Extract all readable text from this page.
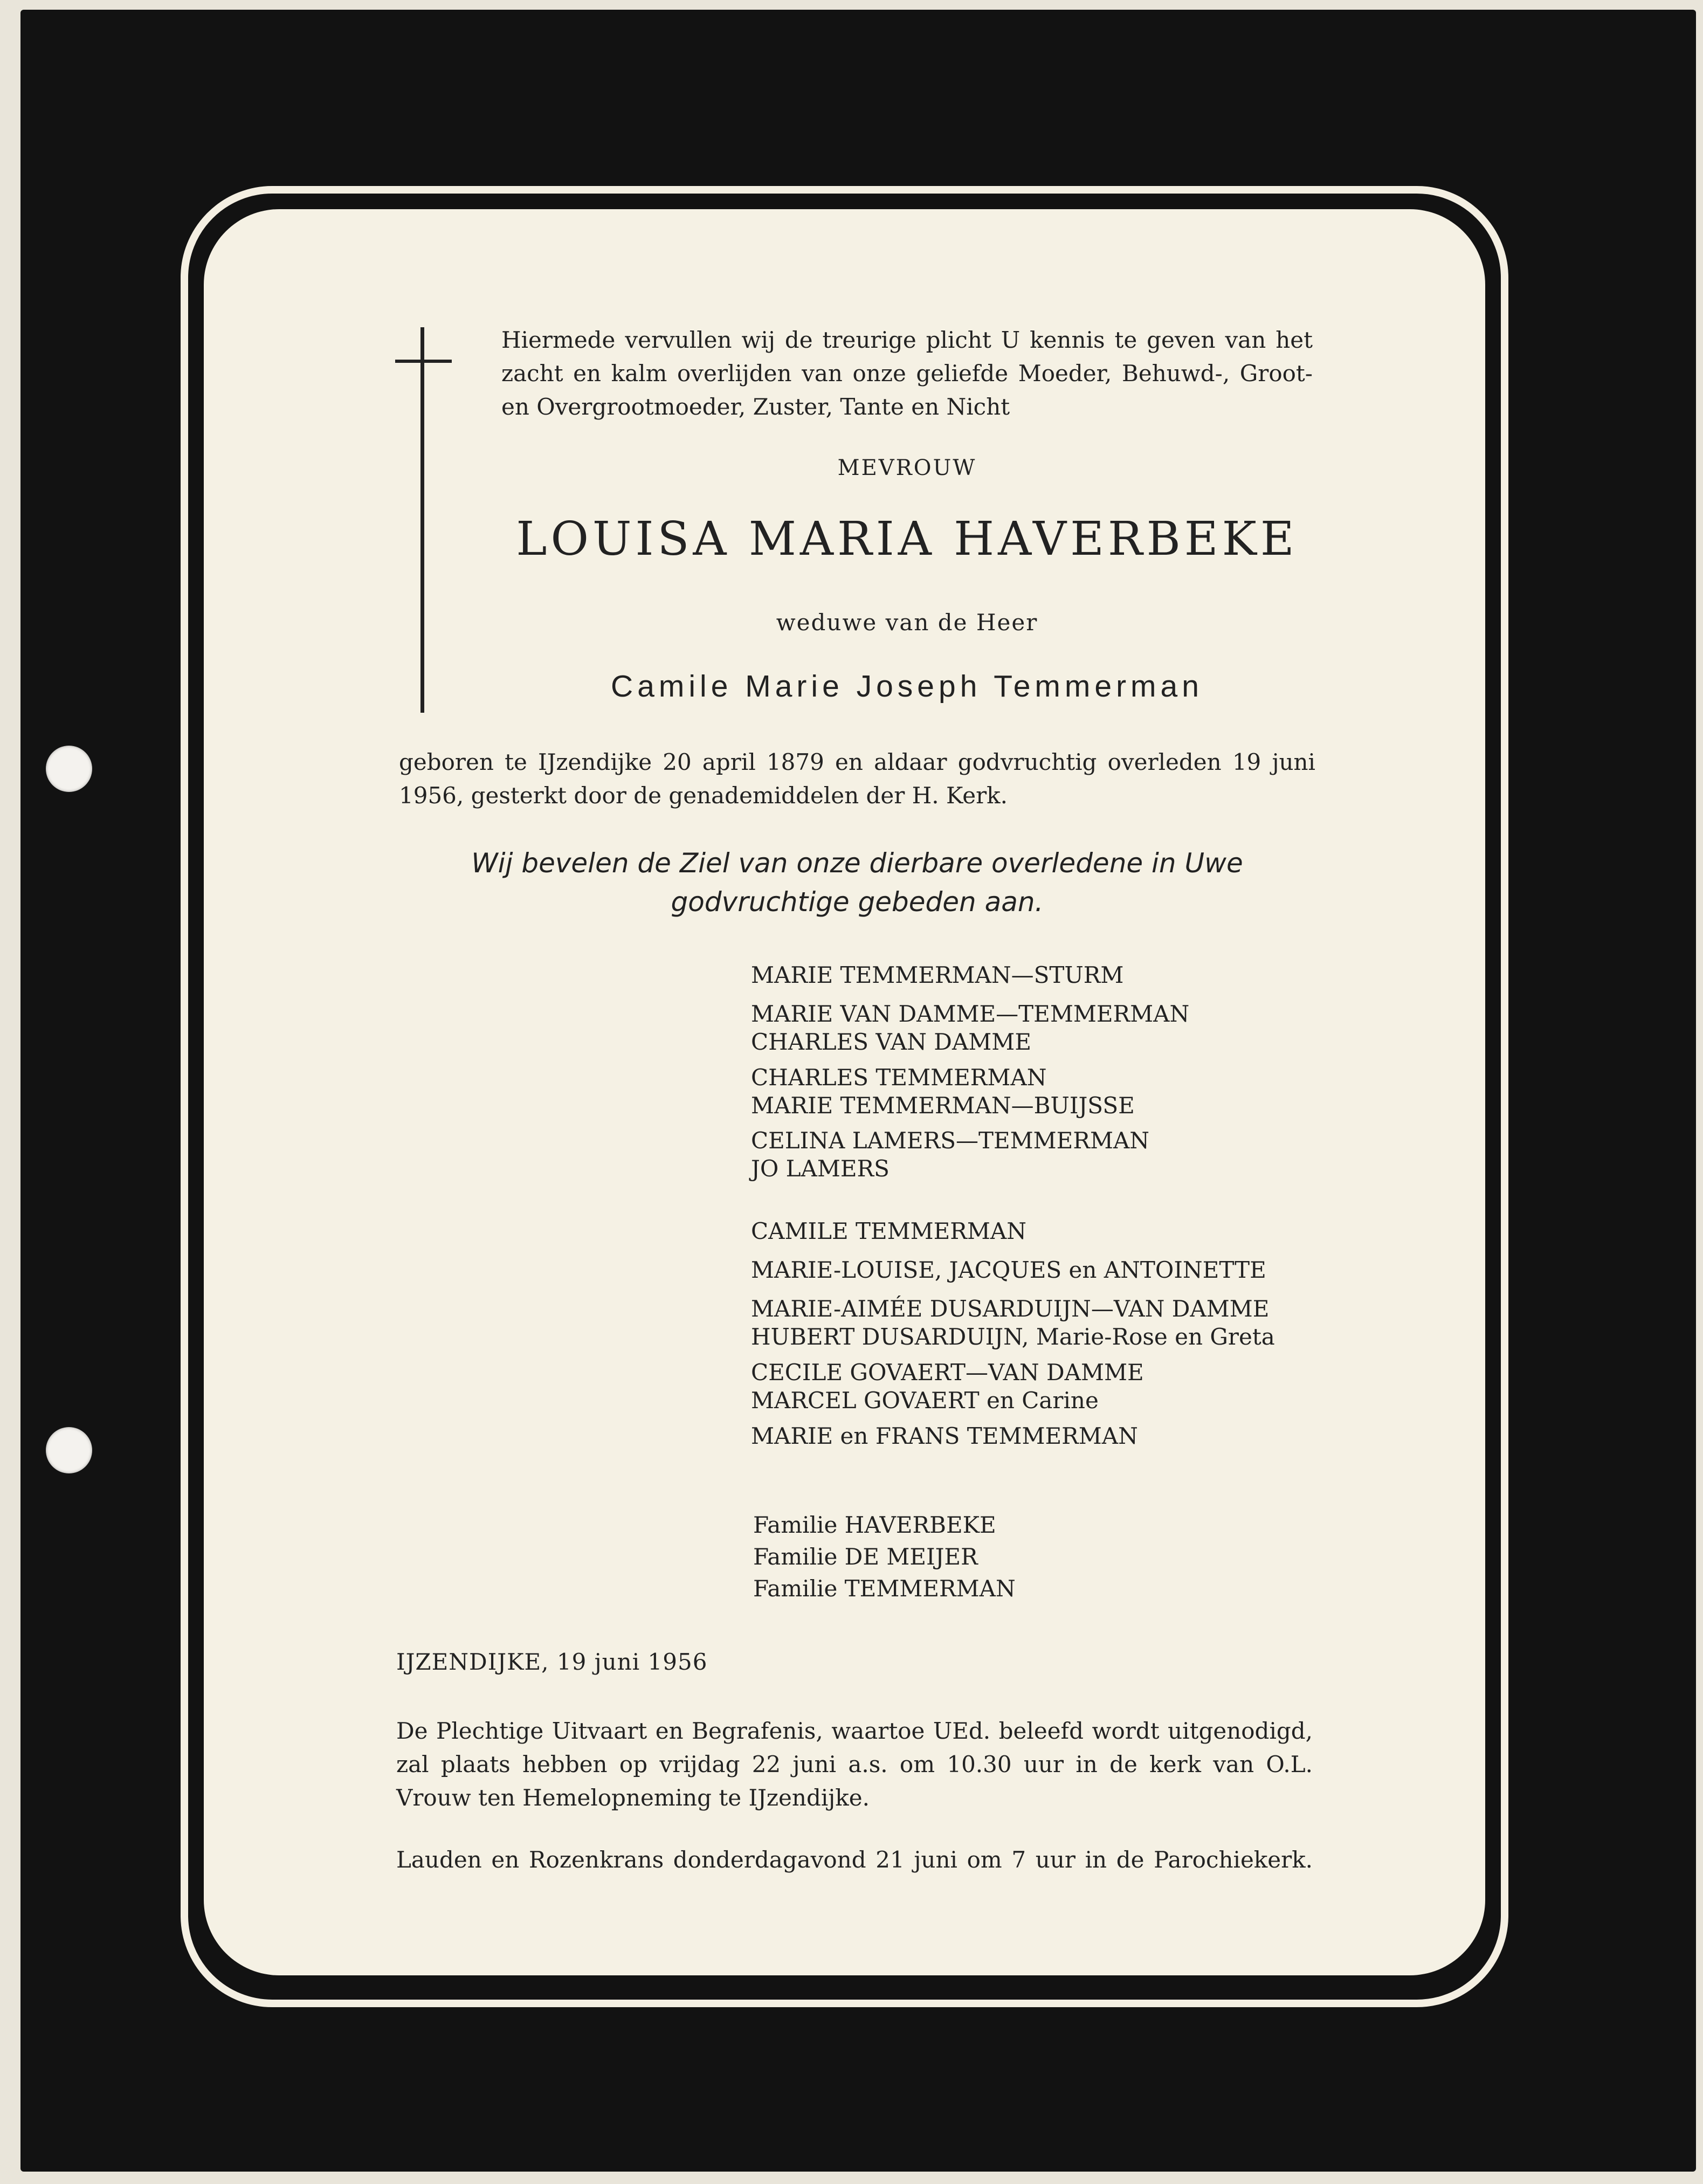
Hiermede vervullen wij de treurige plicht U kennis te geven van het zacht en kalm overlijden van onze geliefde Moeder, Behuwd-, Groot- en Overgrootmoeder, Zuster, Tante en Nicht
MEVROUW
LOUISA MARIA HAVERBEKE
weduwe van de Heer
Camile Marie Joseph Temmerman
geboren te IJzendijke 20 april 1879 en aldaar godvruchtig overleden 19 juni 1956, gesterkt door de genademiddelen der H. Kerk.
Wij bevelen de Ziel van onze dierbare overledene in Uwe godvruchtige gebeden aan.
MARIE TEMMERMAN—STURM
MARIE VAN DAMME—TEMMERMAN
CHARLES VAN DAMME
CHARLES TEMMERMAN
MARIE TEMMERMAN—BUIJSSE
CELINA LAMERS—TEMMERMAN
JO LAMERS
CAMILE TEMMERMAN
MARIE-LOUISE, JACQUES en ANTOINETTE
MARIE-AIMÉE DUSARDUIJN—VAN DAMME
HUBERT DUSARDUIJN, Marie-Rose en Greta
CECILE GOVAERT—VAN DAMME
MARCEL GOVAERT en Carine
MARIE en FRANS TEMMERMAN
Familie HAVERBEKE
Familie DE MEIJER
Familie TEMMERMAN
IJZENDIJKE, 19 juni 1956
De Plechtige Uitvaart en Begrafenis, waartoe UEd. beleefd wordt uitgenodigd, zal plaats hebben op vrijdag 22 juni a.s. om 10.30 uur in de kerk van O.L. Vrouw ten Hemelopneming te IJzendijke.
Lauden en Rozenkrans donderdagavond 21 juni om 7 uur in de Parochiekerk.
